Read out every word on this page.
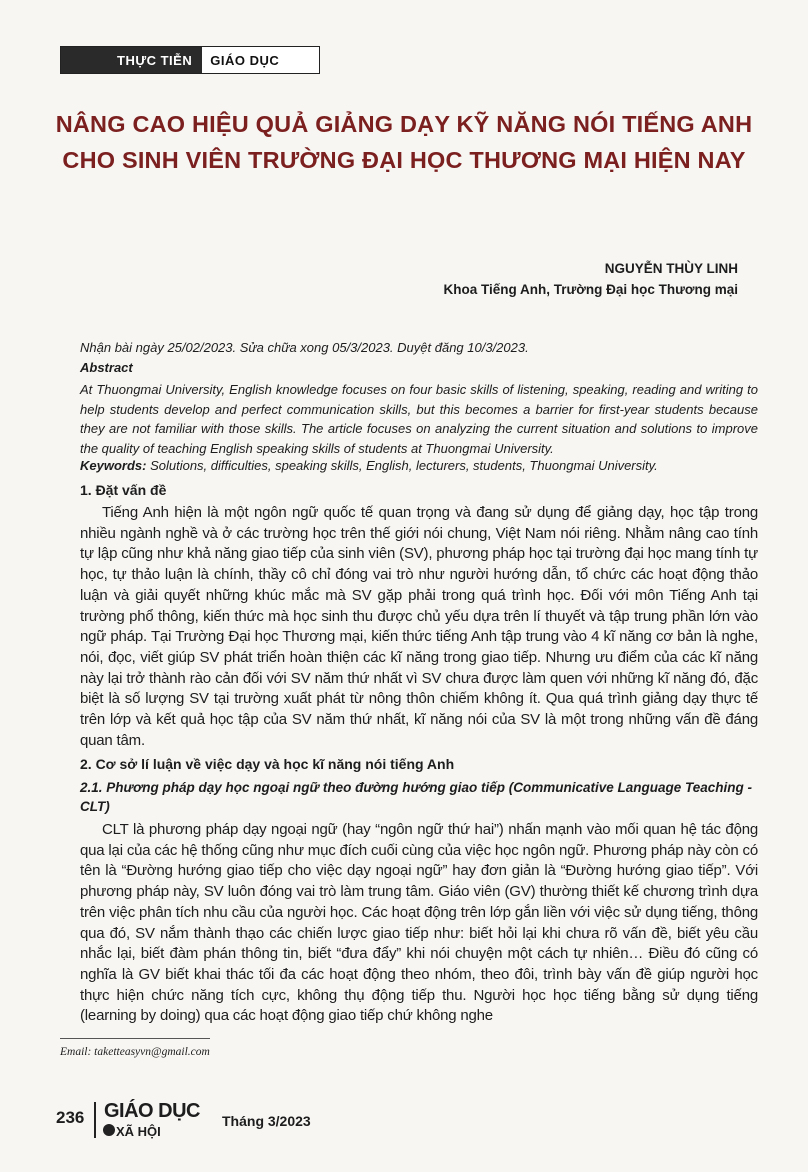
THỰC TIỄN	GIÁO DỤC
NÂNG CAO HIỆU QUẢ GIẢNG DẠY KỸ NĂNG NÓI TIẾNG ANH
CHO SINH VIÊN TRƯỜNG ĐẠI HỌC THƯƠNG MẠI HIỆN NAY
NGUYỄN THÙY LINH
Khoa Tiếng Anh, Trường Đại học Thương mại
Nhận bài ngày 25/02/2023. Sửa chữa xong 05/3/2023. Duyệt đăng 10/3/2023.
Abstract
At Thuongmai University, English knowledge focuses on four basic skills of listening, speaking, reading and writing to help students develop and perfect communication skills, but this becomes a barrier for first-year students because they are not familiar with those skills. The article focuses on analyzing the current situation and solutions to improve the quality of teaching English speaking skills of students at Thuongmai University.
Keywords: Solutions, difficulties, speaking skills, English, lecturers, students, Thuongmai University.
1. Đặt vấn đề
Tiếng Anh hiện là một ngôn ngữ quốc tế quan trọng và đang sử dụng để giảng dạy, học tập trong nhiều ngành nghề và ở các trường học trên thế giới nói chung, Việt Nam nói riêng. Nhằm nâng cao tính tự lập cũng như khả năng giao tiếp của sinh viên (SV), phương pháp học tại trường đại học mang tính tự học, tự thảo luận là chính, thầy cô chỉ đóng vai trò như người hướng dẫn, tổ chức các hoạt động thảo luận và giải quyết những khúc mắc mà SV gặp phải trong quá trình học. Đối với môn Tiếng Anh tại trường phổ thông, kiến thức mà học sinh thu được chủ yếu dựa trên lí thuyết và tập trung phần lớn vào ngữ pháp. Tại Trường Đại học Thương mại, kiến thức tiếng Anh tập trung vào 4 kĩ năng cơ bản là nghe, nói, đọc, viết giúp SV phát triển hoàn thiện các kĩ năng trong giao tiếp. Nhưng ưu điểm của các kĩ năng này lại trở thành rào cản đối với SV năm thứ nhất vì SV chưa được làm quen với những kĩ năng đó, đặc biệt là số lượng SV tại trường xuất phát từ nông thôn chiếm không ít. Qua quá trình giảng dạy thực tế trên lớp và kết quả học tập của SV năm thứ nhất, kĩ năng nói của SV là một trong những vấn đề đáng quan tâm.
2. Cơ sở lí luận về việc dạy và học kĩ năng nói tiếng Anh
2.1. Phương pháp dạy học ngoại ngữ theo đường hướng giao tiếp (Communicative Language Teaching - CLT)
CLT là phương pháp dạy ngoại ngữ (hay “ngôn ngữ thứ hai”) nhấn mạnh vào mối quan hệ tác động qua lại của các hệ thống cũng như mục đích cuối cùng của việc học ngôn ngữ. Phương pháp này còn có tên là “Đường hướng giao tiếp cho việc dạy ngoại ngữ” hay đơn giản là “Đường hướng giao tiếp”. Với phương pháp này, SV luôn đóng vai trò làm trung tâm. Giáo viên (GV) thường thiết kế chương trình dựa trên việc phân tích nhu cầu của người học. Các hoạt động trên lớp gắn liền với việc sử dụng tiếng, thông qua đó, SV nắm thành thạo các chiến lược giao tiếp như: biết hỏi lại khi chưa rõ vấn đề, biết yêu cầu nhắc lại, biết đàm phán thông tin, biết “đưa đẩy” khi nói chuyện một cách tự nhiên… Điều đó cũng có nghĩa là GV biết khai thác tối đa các hoạt động theo nhóm, theo đôi, trình bày vấn đề giúp người học thực hiện chức năng tích cực, không thụ động tiếp thu. Người học học tiếng bằng sử dụng tiếng (learning by doing) qua các hoạt động giao tiếp chứ không nghe
Email: taketteasyvn@gmail.com
236 GIÁO DỤC
XÃ HỘI
Tháng 3/2023
